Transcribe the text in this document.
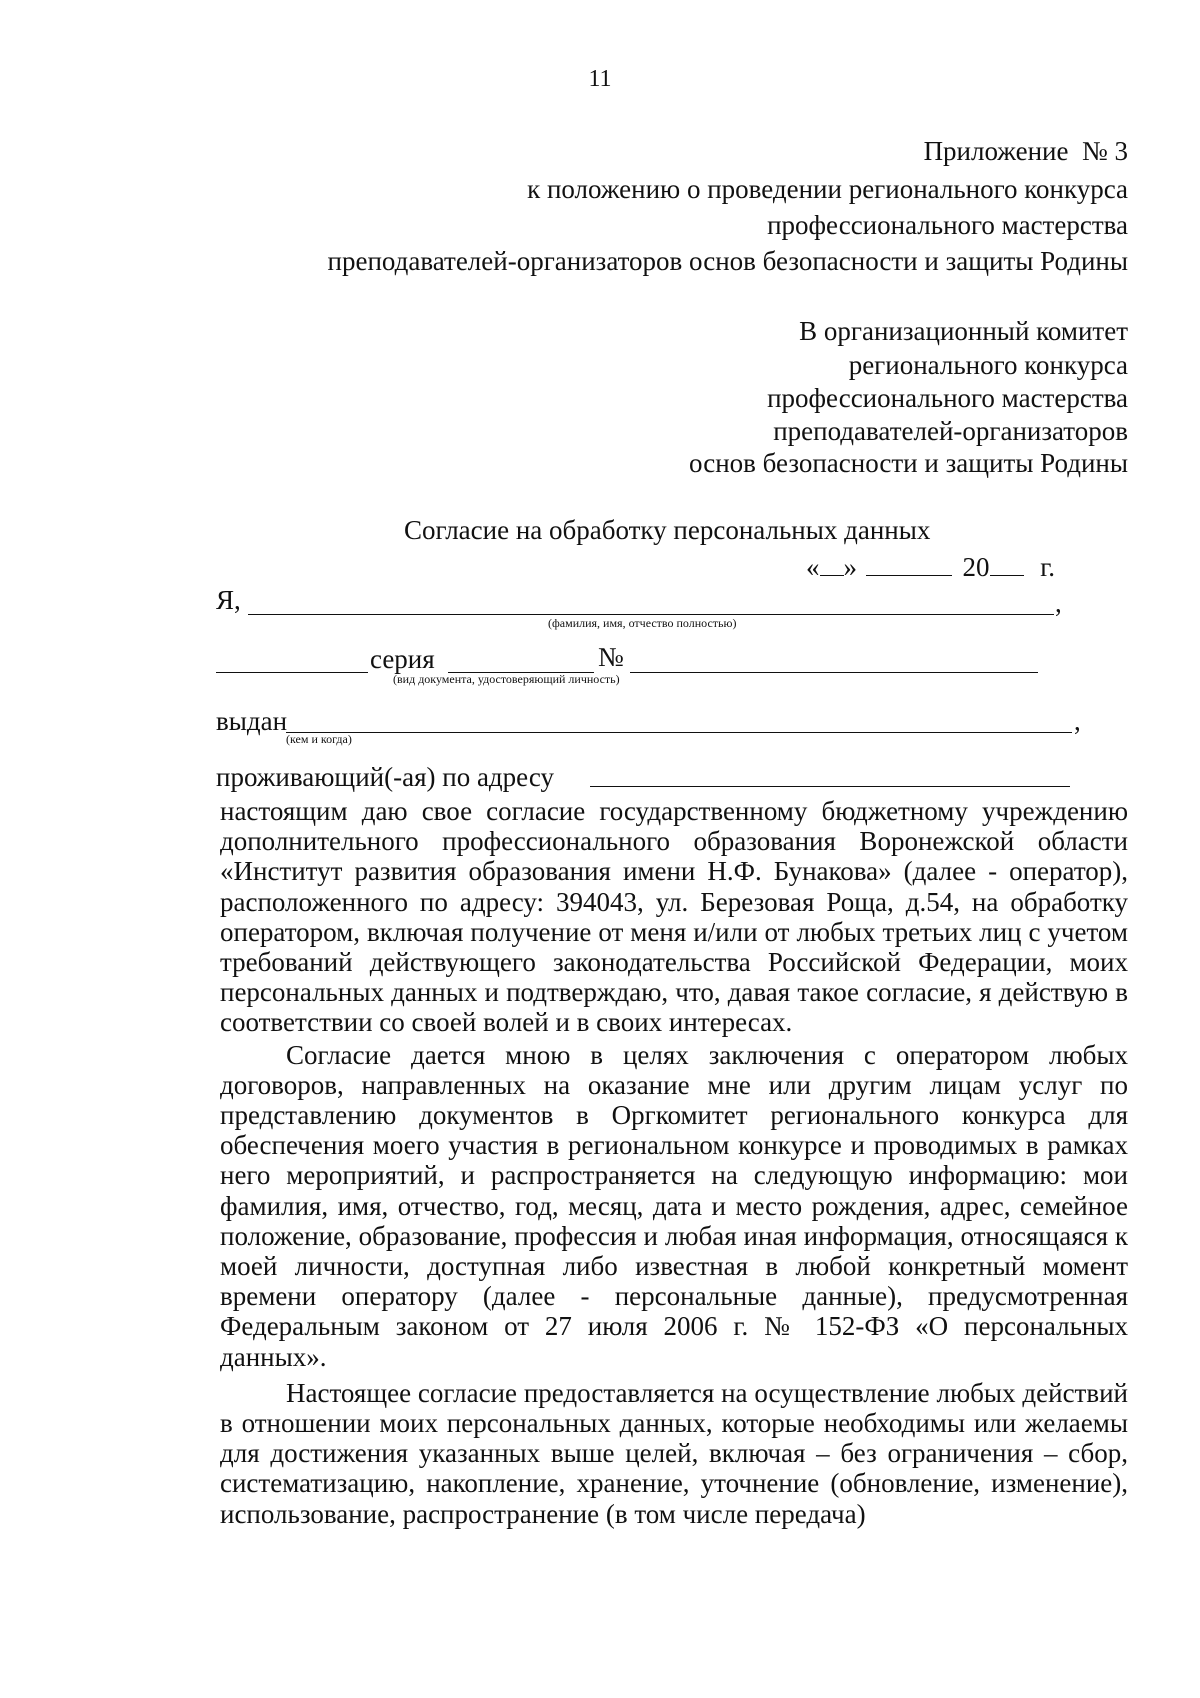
11
Приложение  № 3
к положению о проведении регионального конкурса
профессионального мастерства
преподавателей-организаторов основ безопасности и защиты Родины
В организационный комитет
регионального конкурса
профессионального мастерства
преподавателей-организаторов
основ безопасности и защиты Родины
Согласие на обработку персональных данных
« »	20 г.
Я,	,
(фамилия, имя, отчество полностью)
серия	№
(вид документа, удостоверяющий личность)
выдан	,
(кем и когда)
проживающий(-ая) по адресу

настоящим даю свое согласие государственному бюджетному учреждению дополнительного профессионального образования Воронежской области «Институт развития образования имени Н.Ф. Бунакова» (далее - оператор), расположенного по адресу: 394043, ул. Березовая Роща, д.54, на обработку оператором, включая получение от меня и/или от любых третьих лиц с учетом требований действующего законодательства Российской Федерации, моих персональных данных и подтверждаю, что, давая такое согласие, я действую в соответствии со своей волей и в своих интересах.

Согласие дается мною в целях заключения с оператором любых договоров, направленных на оказание мне или другим лицам услуг по представлению документов в Оргкомитет регионального конкурса для обеспечения моего участия в региональном конкурсе и проводимых в рамках него мероприятий, и распространяется на следующую информацию: мои фамилия, имя, отчество, год, месяц, дата и место рождения, адрес, семейное положение, образование, профессия и любая иная информация, относящаяся к моей личности, доступная либо известная в любой конкретный момент времени оператору (далее - персональные данные), предусмотренная Федеральным законом от 27 июля 2006 г. № 152-ФЗ «О персональных данных».

Настоящее согласие предоставляется на осуществление любых действий в отношении моих персональных данных, которые необходимы или желаемы для достижения указанных выше целей, включая – без ограничения – сбор, систематизацию, накопление, хранение, уточнение (обновление, изменение), использование, распространение (в том числе передача)
